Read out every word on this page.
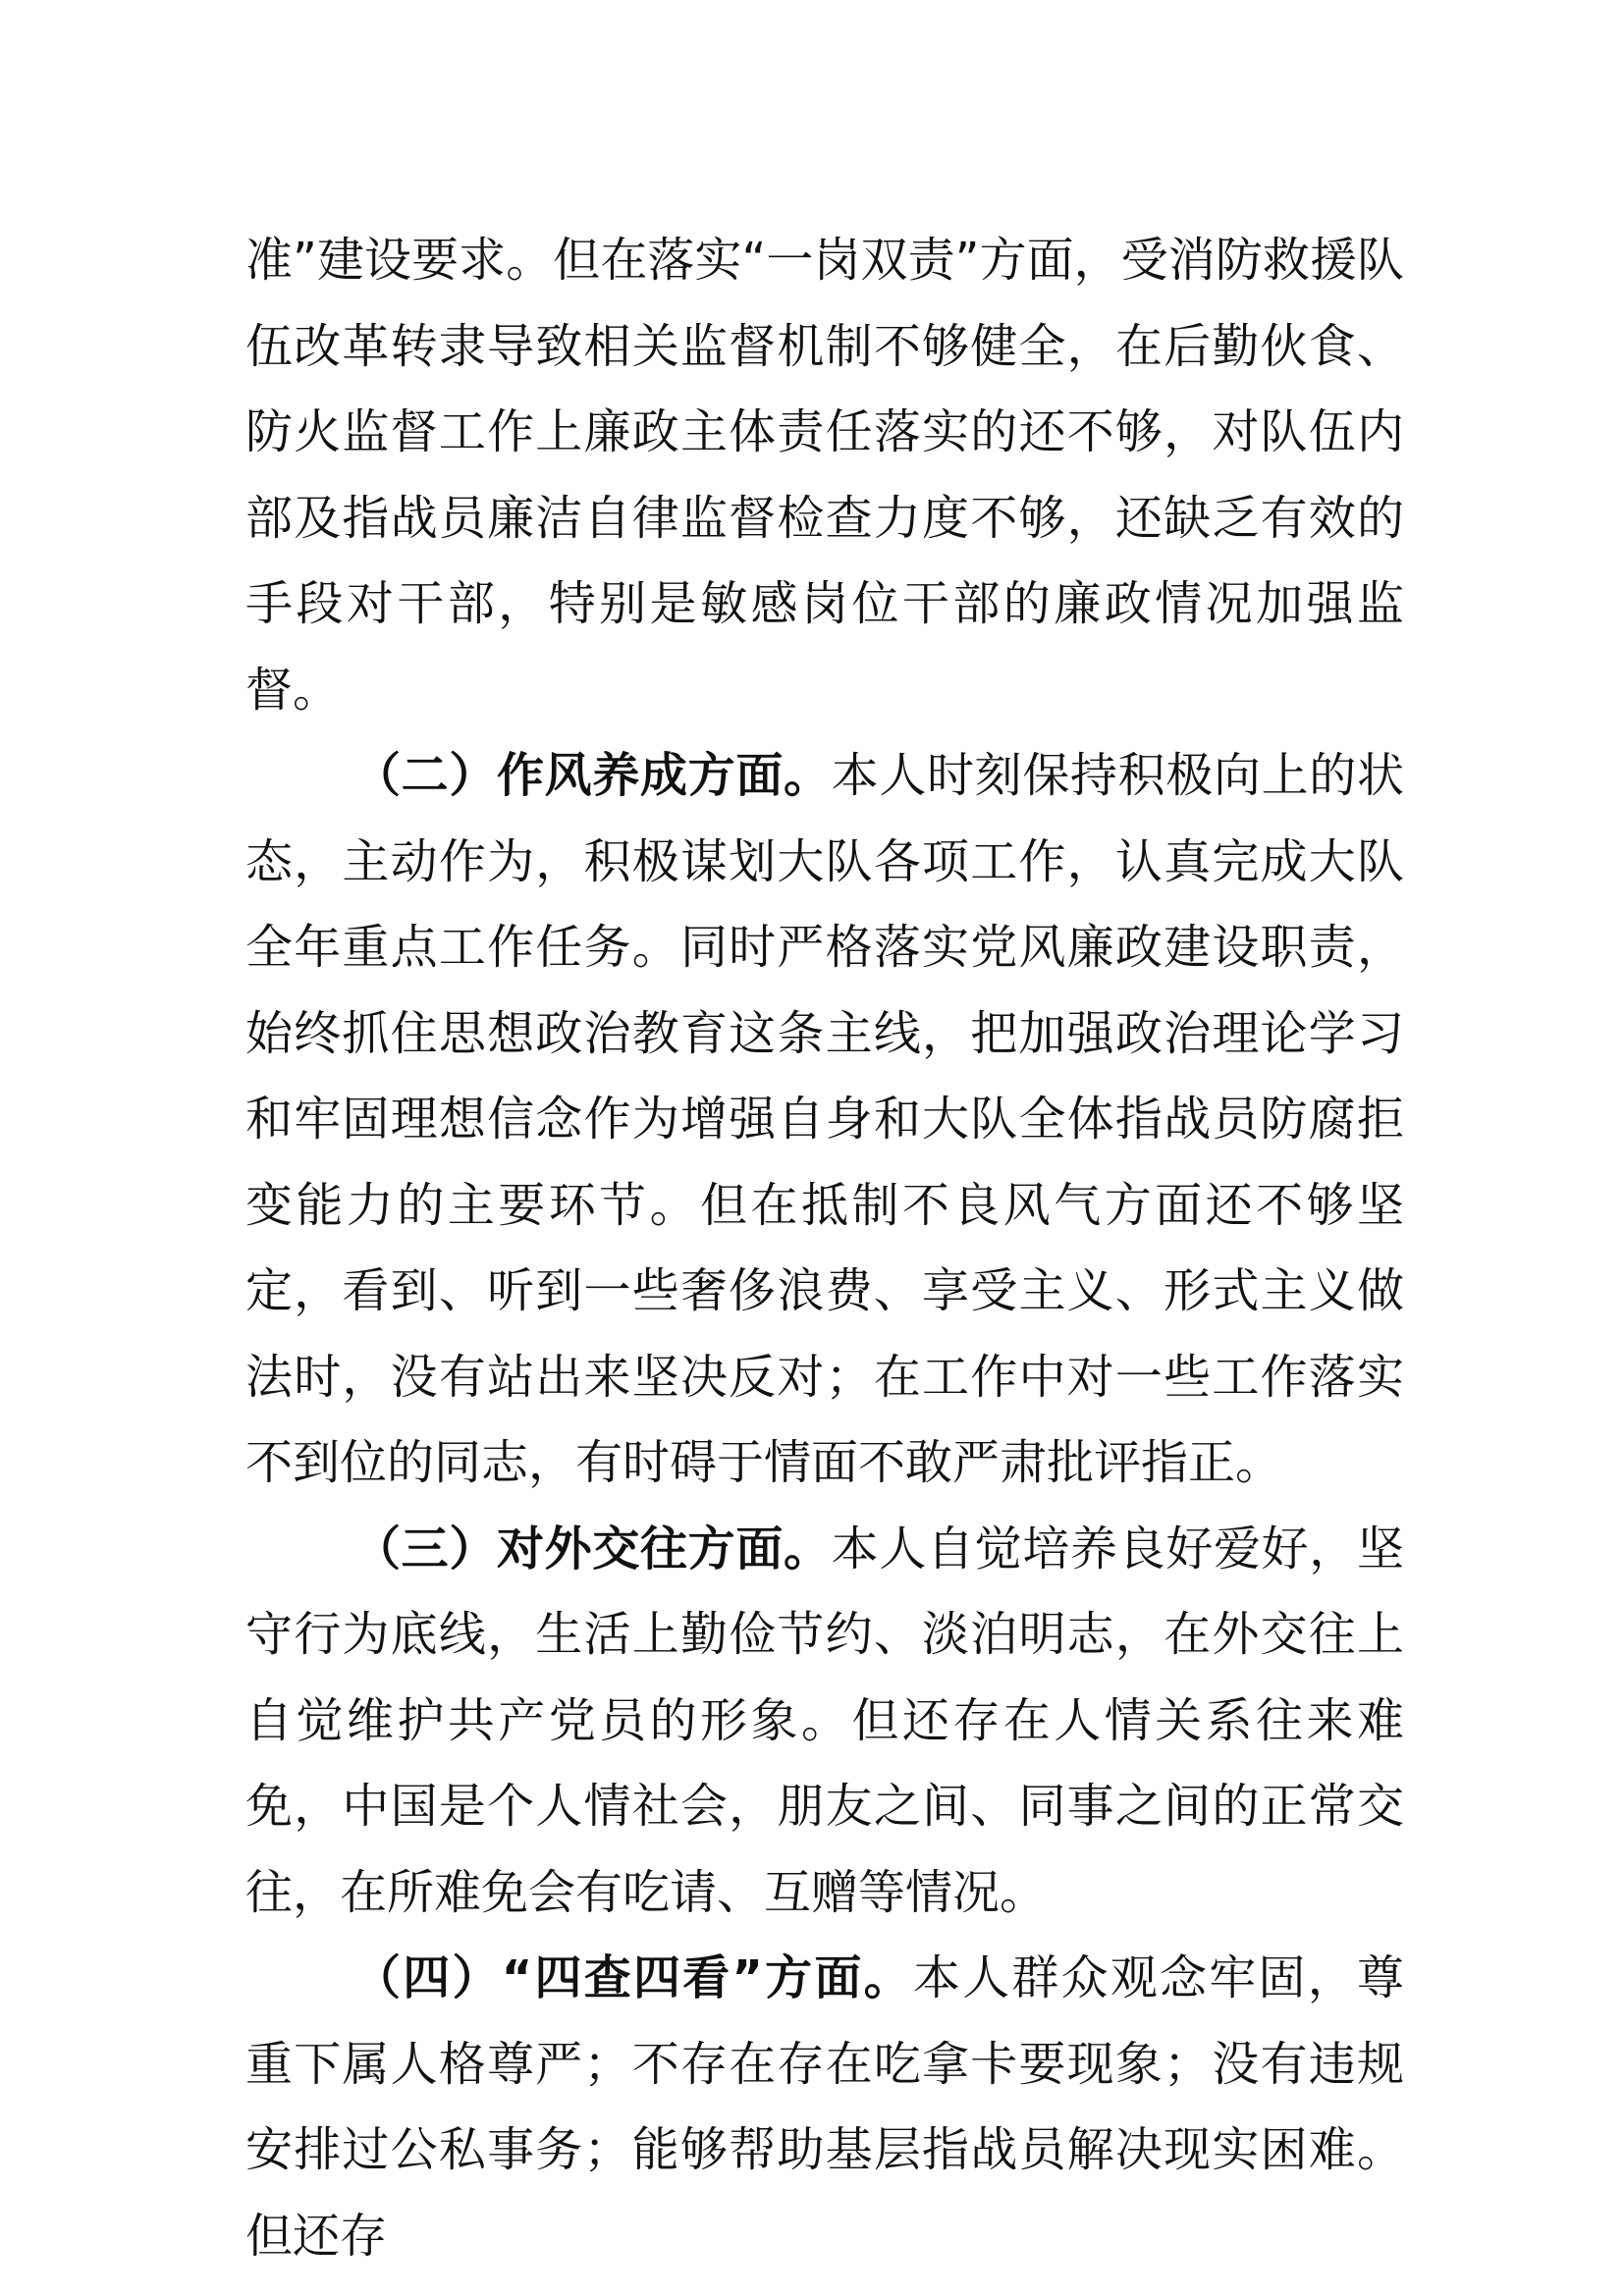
准”建设要求。但在落实“一岗双责”方面，受消防救援队伍改革转隶导致相关监督机制不够健全，在后勤伙食、防火监督工作上廉政主体责任落实的还不够，对队伍内部及指战员廉洁自律监督检查力度不够，还缺乏有效的手段对干部，特别是敏感岗位干部的廉政情况加强监督。

（二）作风养成方面。本人时刻保持积极向上的状态，主动作为，积极谋划大队各项工作，认真完成大队全年重点工作任务。同时严格落实党风廉政建设职责，始终抓住思想政治教育这条主线，把加强政治理论学习和牢固理想信念作为增强自身和大队全体指战员防腐拒变能力的主要环节。但在抵制不良风气方面还不够坚定，看到、听到一些奢侈浪费、享受主义、形式主义做法时，没有站出来坚决反对；在工作中对一些工作落实不到位的同志，有时碍于情面不敢严肃批评指正。

（三）对外交往方面。本人自觉培养良好爱好，坚守行为底线，生活上勤俭节约、淡泊明志，在外交往上自觉维护共产党员的形象。但还存在人情关系往来难免，中国是个人情社会，朋友之间、同事之间的正常交往，在所难免会有吃请、互赠等情况。

（四）“四查四看”方面。本人群众观念牢固，尊重下属人格尊严；不存在存在吃拿卡要现象；没有违规安排过公私事务；能够帮助基层指战员解决现实困难。但还存
